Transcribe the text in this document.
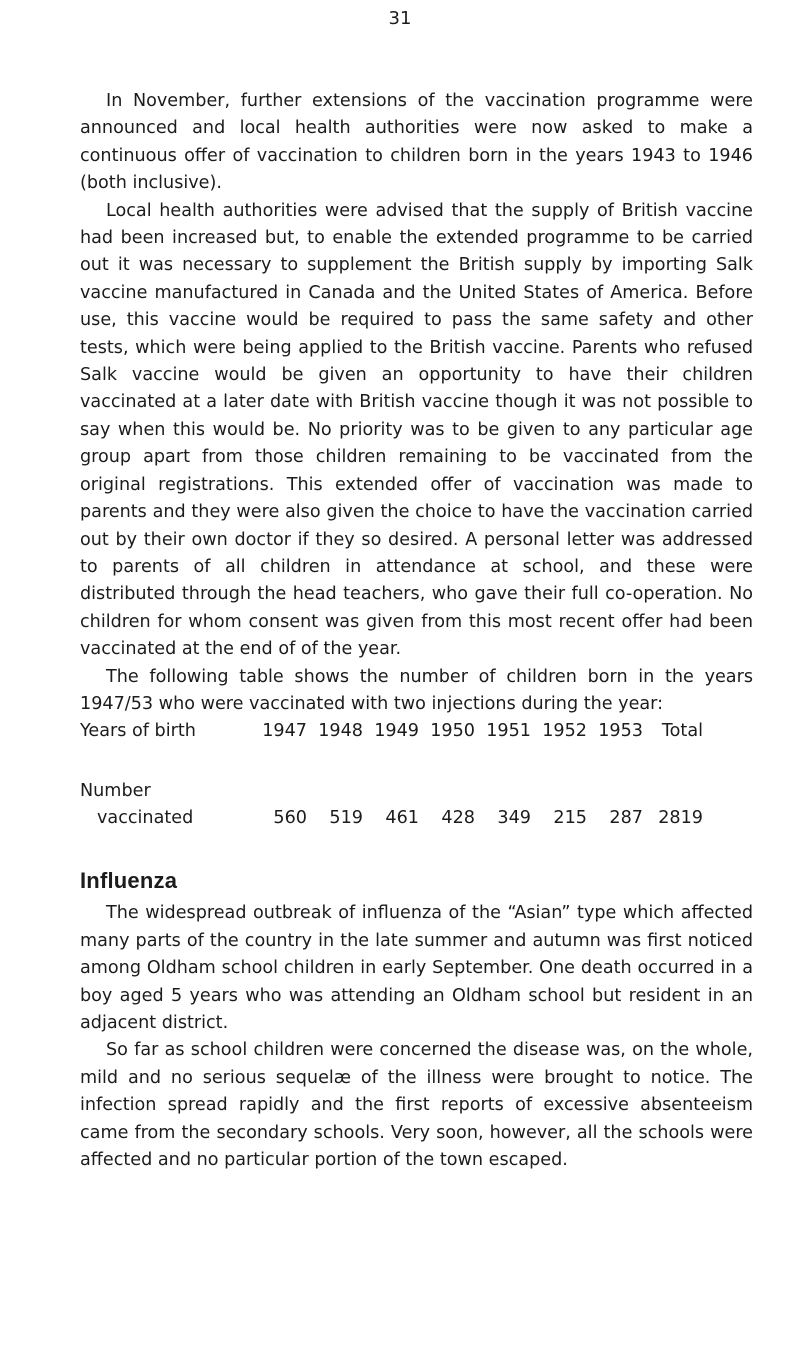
31

In November, further extensions of the vaccination programme were announced and local health authorities were now asked to make a continuous offer of vaccination to children born in the years 1943 to 1946 (both inclusive).

Local health authorities were advised that the supply of British vaccine had been increased but, to enable the extended programme to be carried out it was necessary to supplement the British supply by importing Salk vaccine manufactured in Canada and the United States of America. Before use, this vaccine would be required to pass the same safety and other tests, which were being applied to the British vaccine. Parents who refused Salk vaccine would be given an opportunity to have their children vaccinated at a later date with British vaccine though it was not possible to say when this would be. No priority was to be given to any particular age group apart from those children remaining to be vaccinated from the original registrations. This extended offer of vaccination was made to parents and they were also given the choice to have the vaccination carried out by their own doctor if they so desired. A personal letter was addressed to parents of all children in attendance at school, and these were distributed through the head teachers, who gave their full co-operation. No children for whom consent was given from this most recent offer had been vaccinated at the end of of the year.

The following table shows the number of children born in the years 1947/53 who were vaccinated with two injections during the year:

Years of birth	1947 1948 1949 1950 1951 1952 1953	Total
Number
vaccinated	560	519	461	428	349	215	287 2819
Influenza

The widespread outbreak of influenza of the “Asian” type which affected many parts of the country in the late summer and autumn was first noticed among Oldham school children in early September. One death occurred in a boy aged 5 years who was attending an Oldham school but resident in an adjacent district.

So far as school children were concerned the disease was, on the whole, mild and no serious sequelæ of the illness were brought to notice. The infection spread rapidly and the first reports of excessive absenteeism came from the secondary schools. Very soon, however, all the schools were affected and no particular portion of the town escaped.
